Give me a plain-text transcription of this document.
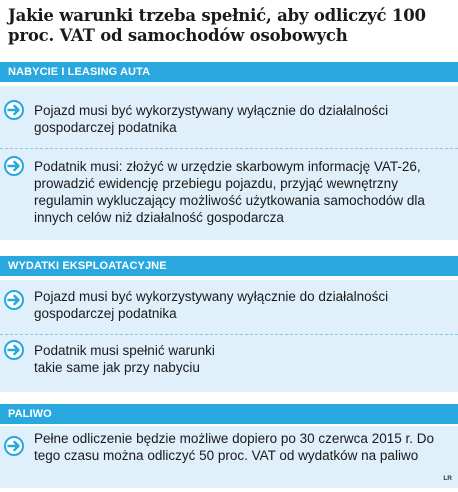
Jakie warunki trzeba spełnić, aby odliczyć 100 proc. VAT od samochodów osobowych
NABYCIE I LEASING AUTA
Pojazd musi być wykorzystywany wyłącznie do działalności gospodarczej podatnika
Podatnik musi: złożyć w urzędzie skarbowym informację VAT-26, prowadzić ewidencję przebiegu pojazdu, przyjąć wewnętrzny regulamin wykluczający możliwość użytkowania samochodów dla innych celów niż działalność gospodarcza
WYDATKI EKSPLOATACYJNE
Pojazd musi być wykorzystywany wyłącznie do działalności gospodarczej podatnika
Podatnik musi spełnić warunki takie same jak przy nabyciu
PALIWO
Pełne odliczenie będzie możliwe dopiero po 30 czerwca 2015 r. Do tego czasu można odliczyć 50 proc. VAT od wydatków na paliwo
LR
